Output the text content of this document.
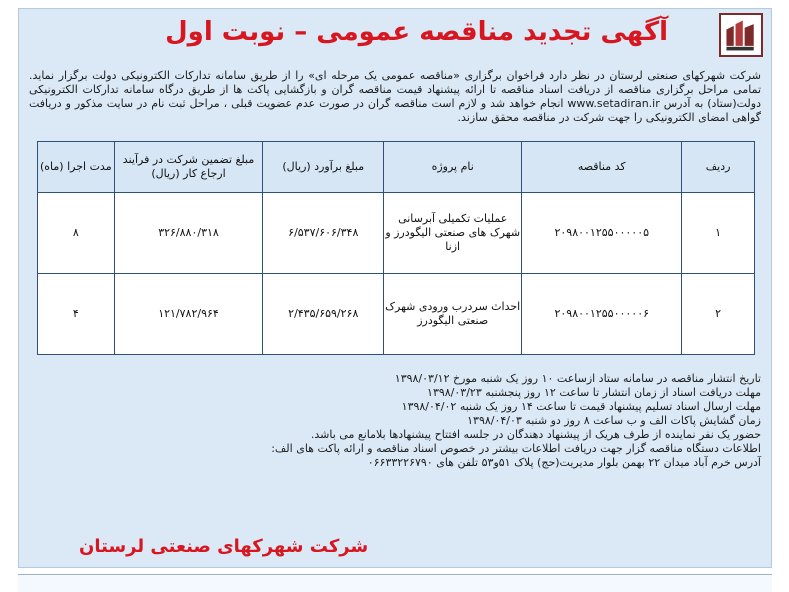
آگهی تجدید مناقصه عمومی – نوبت اول
شرکت شهرکهای صنعتی لرستان در نظر دارد فراخوان برگزاری «مناقصه عمومی یک مرحله ای» را از طریق سامانه تدارکات الکترونیکی دولت برگزار نماید. تمامی مراحل برگزاری مناقصه از دریافت اسناد مناقصه تا ارائه پیشنهاد قیمت مناقصه گران و بازگشایی پاکت ها از طریق درگاه سامانه تدارکات الکترونیکی دولت(ستاد) به آدرس www.setadiran.ir انجام خواهد شد و لازم است مناقصه گران در صورت عدم عضویت قبلی ، مراحل ثبت نام در سایت مذکور و دریافت گواهی امضای الکترونیکی را جهت شرکت در مناقصه محقق سازند.
ردیف	کد مناقصه	نام پروژه	مبلغ برآورد (ریال)	مبلغ تضمین شرکت در فرآیند ارجاع کار (ریال)	مدت اجرا (ماه)
۱	۲۰۹۸۰۰۱۲۵۵۰۰۰۰۰۵	عملیات تکمیلی آبرسانی شهرک های صنعتی الیگودرز و ازنا	۶/۵۳۷/۶۰۶/۳۴۸	۳۲۶/۸۸۰/۳۱۸	۸
۲	۲۰۹۸۰۰۱۲۵۵۰۰۰۰۰۶	احداث سردرب ورودی شهرک صنعتی الیگودرز	۲/۴۳۵/۶۵۹/۲۶۸	۱۲۱/۷۸۲/۹۶۴	۴

تاریخ انتشار مناقصه در سامانه ستاد ازساعت ۱۰ روز یک شنبه مورخ ۱۳۹۸/۰۳/۱۲

مهلت دریافت اسناد از زمان انتشار تا ساعت ۱۲ روز پنجشنبه ۱۳۹۸/۰۳/۲۳

مهلت ارسال اسناد تسلیم پیشنهاد قیمت تا ساعت ۱۴ روز یک شنبه ۱۳۹۸/۰۴/۰۲

زمان گشایش پاکات الف و ب ساعت ۸ روز دو شنبه ۱۳۹۸/۰۴/۰۳

حضور یک نفر نماینده از طرف هریک از پیشنهاد دهندگان در جلسه افتتاح پیشنهادها بلامانع می باشد.

اطلاعات دستگاه مناقصه گزار جهت دریافت اطلاعات بیشتر در خصوص اسناد مناقصه و ارائه پاکت های الف:

آدرس خرم آباد میدان ۲۲ بهمن بلوار مدیریت(حج) پلاک ۵۱و۵۳ تلفن های ۰۶۶۳۳۲۲۶۷۹۰

شرکت شهرکهای صنعتی لرستان
